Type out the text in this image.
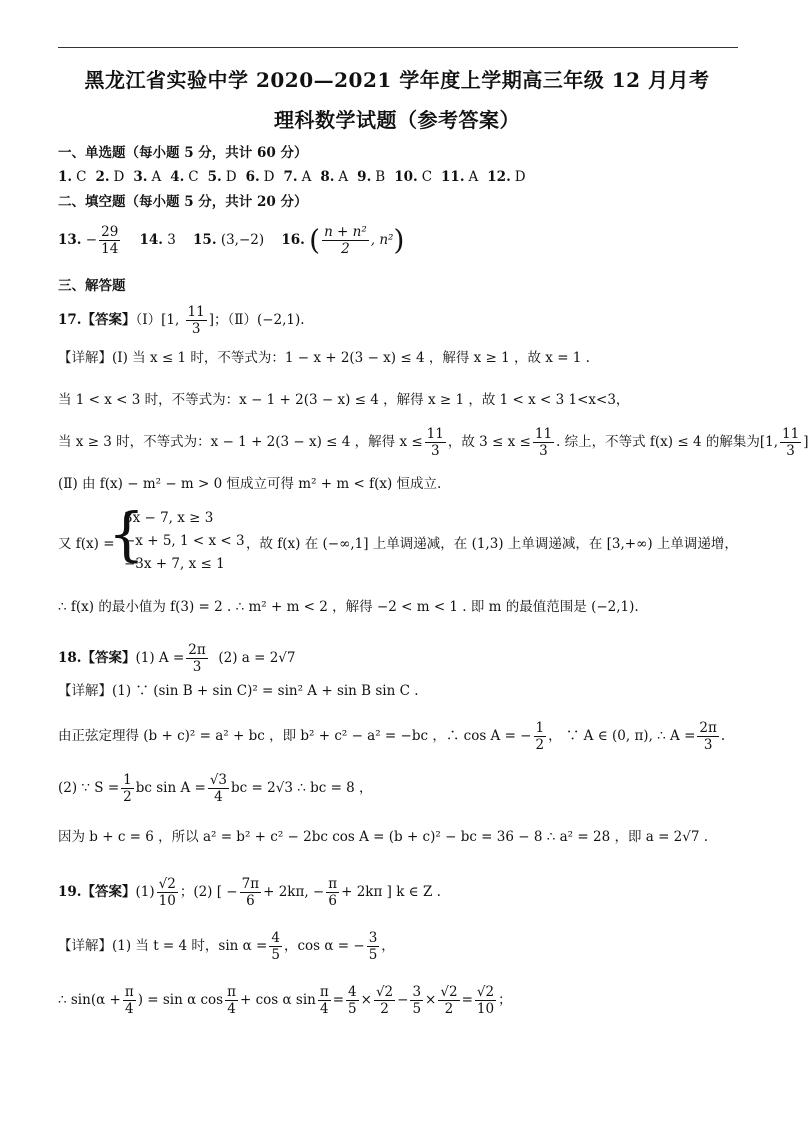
黑龙江省实验中学 2020—2021 学年度上学期高三年级 12 月月考
理科数学试题（参考答案）
一、单选题（每小题 5 分，共计 60 分）
1. C 2. D 3. A 4. C 5. D 6. D 7. A 8. A 9. B 10. C 11. A 12. D
二、填空题（每小题 5 分，共计 20 分）
13. − $\frac{29}{14} 14$. 3 15. (3,−2) 16. ( $\frac{\text{n + n²}}{2}$ , n²)
三、解答题
17.【答案】（Ⅰ）[1, $\frac{11}{3}$ ]；（Ⅱ）(−2,1).
【详解】(Ⅰ) 当 x ≤ 1 时，不等式为：1 − x + 2(3 − x) ≤ 4 ，解得 x ≥ 1 ，故 x = 1 .
当 1 < x < 3 时，不等式为：x − 1 + 2(3 − x) ≤ 4 ，解得 x ≥ 1 ，故 1 < x < 3 1<x<3，
当 x ≥ 3 时，不等式为：x − 1 + 2(3 − x) ≤ 4 ，解得 $x \le \frac{11}{3}$ ，故 $3 \le x \le \frac{11}{3}$ . 综上，不等式 f(x) ≤ 4 的解集为[1, $\frac{11}{3}$ ]
(Ⅱ) 由 f(x) − m² − m > 0 恒成立可得 m² + m < f(x) 恒成立.
又 f(x) =
{
3x − 7, x ≥ 3
−x + 5, 1 < x < 3
−3x + 7, x ≤ 1
，故 f(x) 在 (−∞,1] 上单调递减，在 (1,3) 上单调递减，在 [3,+∞) 上单调递增，
∴ f(x) 的最小值为 f(3) = 2 . ∴ m² + m < 2 ，解得 −2 < m < 1 . 即 m 的最值范围是 (−2,1).
18.【答案】(1) $A = \frac{2\pi}{3} (2) a = 2√7$
【详解】(1) ∵ (sin B + sin C)² = sin² A + sin B sin C .
由正弦定理得 (b + c)² = a² + bc ，即 b² + c² − a² = −bc ，∴ cos A = − $\frac{1}{2}$ ， ∵ A ∈ (0, π), ∴ $A = \frac{2\pi}{3}$ .
(2) ∵ $S = \frac{1}{2}$ bc $\sin A = \frac{√3}{4}$ bc = 2√3 ∴ bc = 8 ，
因为 b + c = 6 ，所以 a² = b² + c² − 2bc cos A = (b + c)² − bc = 36 − 8 ∴ a² = 28 ，即 a = 2√7 .
19.【答案】$(1) \frac{√2}{10}$ ；(2) [ − $\frac{7\pi}{6} + 2k\pi$, − $\frac{\pi}{6} + 2k\pi$ ] k ∈ Z .
【详解】(1) 当 t = 4 时，$\sin \alpha = \frac{4}{5}$ ，cos α = − $\frac{3}{5}$ ，
∴ $\sin(\alpha + \frac{\pi}{4}$ ) = sin α $\cos \frac{\pi}{4} + \cos \alpha$ $\sin \frac{\pi}{4} = \frac{4}{5} \times \frac{√2}{2} - \frac{3}{5} \times \frac{√2}{2} = \frac{√2}{10}$ ；
